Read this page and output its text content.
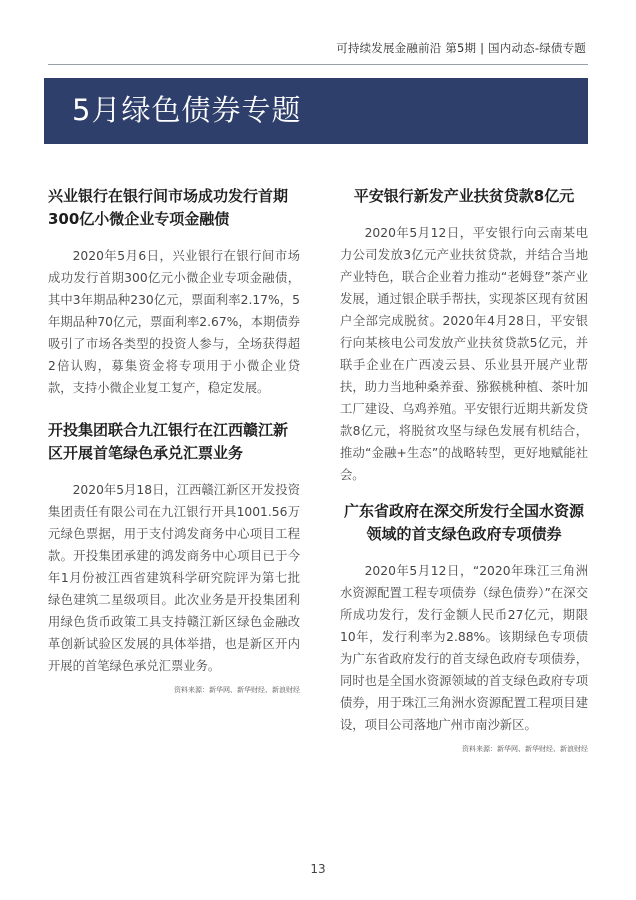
可持续发展金融前沿 第5期 | 国内动态-绿债专题
5月绿色债券专题
兴业银行在银行间市场成功发行首期300亿小微企业专项金融债

2020年5月6日，兴业银行在银行间市场成功发行首期300亿元小微企业专项金融债，其中3年期品种230亿元，票面利率2.17%，5年期品种70亿元，票面利率2.67%，本期债券吸引了市场各类型的投资人参与，全场获得超2倍认购，募集资金将专项用于小微企业贷款，支持小微企业复工复产，稳定发展。

开投集团联合九江银行在江西赣江新区开展首笔绿色承兑汇票业务

2020年5月18日，江西赣江新区开发投资集团责任有限公司在九江银行开具1001.56万元绿色票据，用于支付鸿发商务中心项目工程款。开投集团承建的鸿发商务中心项目已于今年1月份被江西省建筑科学研究院评为第七批绿色建筑二星级项目。此次业务是开投集团利用绿色货币政策工具支持赣江新区绿色金融改革创新试验区发展的具体举措，也是新区开内开展的首笔绿色承兑汇票业务。

资料来源：新华网、新华财经、新浪财经
平安银行新发产业扶贫贷款8亿元

2020年5月12日，平安银行向云南某电力公司发放3亿元产业扶贫贷款，并结合当地产业特色，联合企业着力推动“老姆登”茶产业发展，通过银企联手帮扶，实现茶区现有贫困户全部完成脱贫。2020年4月28日，平安银行向某核电公司发放产业扶贫贷款5亿元，并联手企业在广西凌云县、乐业县开展产业帮扶，助力当地种桑养蚕、猕猴桃种植、茶叶加工厂建设、乌鸡养殖。平安银行近期共新发贷款8亿元，将脱贫攻坚与绿色发展有机结合，推动“金融+生态”的战略转型，更好地赋能社会。

广东省政府在深交所发行全国水资源领域的首支绿色政府专项债券

2020年5月12日，“2020年珠江三角洲水资源配置工程专项债券（绿色债券）”在深交所成功发行，发行金额人民币27亿元，期限10年，发行利率为2.88%。该期绿色专项债为广东省政府发行的首支绿色政府专项债券，同时也是全国水资源领域的首支绿色政府专项债券，用于珠江三角洲水资源配置工程项目建设，项目公司落地广州市南沙新区。

资料来源：新华网、新华财经、新浪财经
13
